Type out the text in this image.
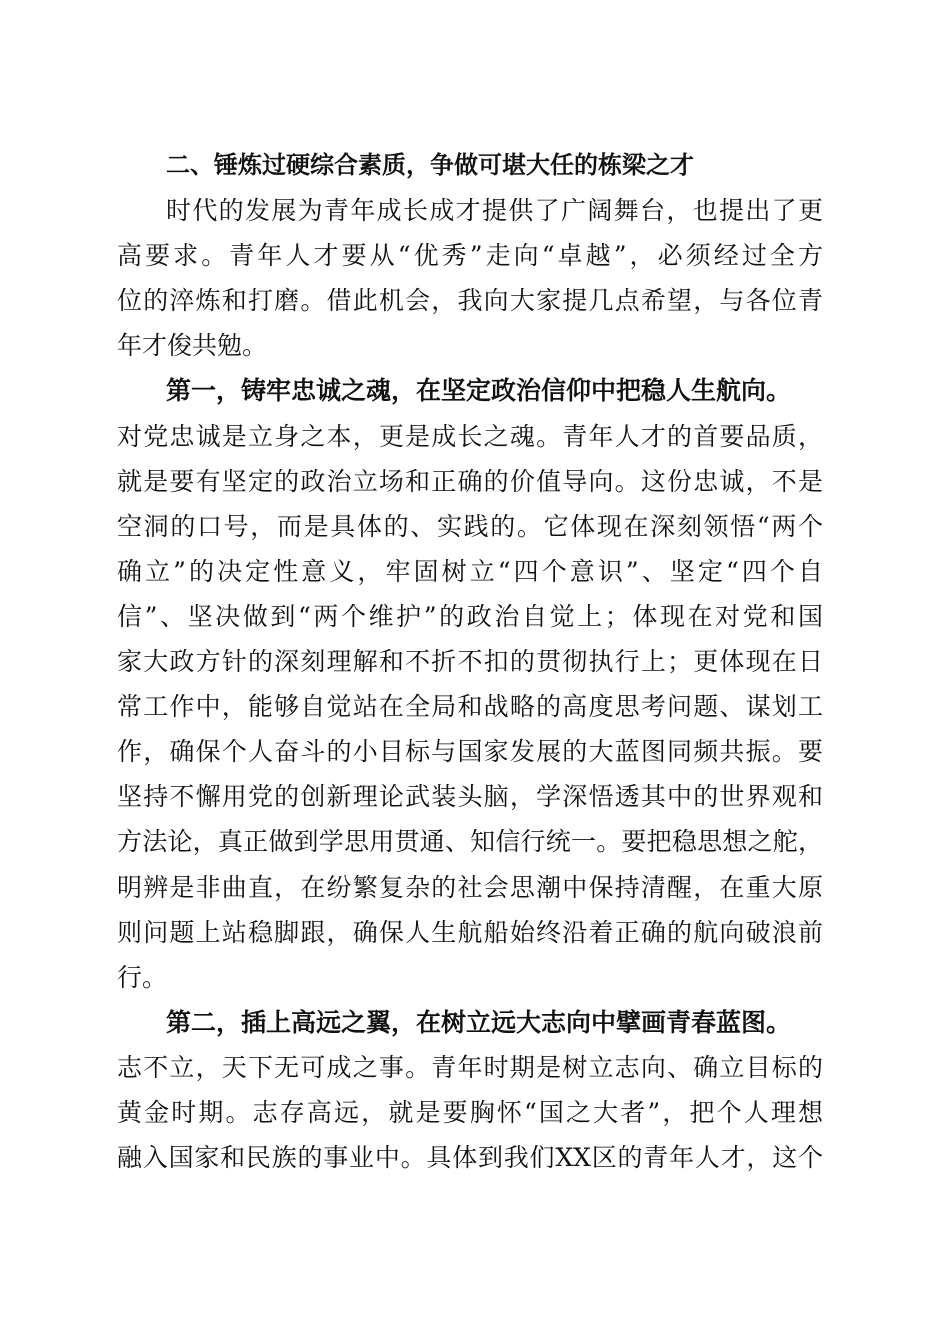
二、锤炼过硬综合素质，争做可堪大任的栋梁之才
时代的发展为青年成长成才提供了广阔舞台，也提出了更
高要求。青年人才要从“优秀”走向“卓越”，必须经过全方
位的淬炼和打磨。借此机会，我向大家提几点希望，与各位青
年才俊共勉。
第一，铸牢忠诚之魂，在坚定政治信仰中把稳人生航向。
对党忠诚是立身之本，更是成长之魂。青年人才的首要品质，
就是要有坚定的政治立场和正确的价值导向。这份忠诚，不是
空洞的口号，而是具体的、实践的。它体现在深刻领悟“两个
确立”的决定性意义，牢固树立“四个意识”、坚定“四个自
信”、坚决做到“两个维护”的政治自觉上；体现在对党和国
家大政方针的深刻理解和不折不扣的贯彻执行上；更体现在日
常工作中，能够自觉站在全局和战略的高度思考问题、谋划工
作，确保个人奋斗的小目标与国家发展的大蓝图同频共振。要
坚持不懈用党的创新理论武装头脑，学深悟透其中的世界观和
方法论，真正做到学思用贯通、知信行统一。要把稳思想之舵，
明辨是非曲直，在纷繁复杂的社会思潮中保持清醒，在重大原
则问题上站稳脚跟，确保人生航船始终沿着正确的航向破浪前
行。
第二，插上高远之翼，在树立远大志向中擘画青春蓝图。
志不立，天下无可成之事。青年时期是树立志向、确立目标的
黄金时期。志存高远，就是要胸怀“国之大者”，把个人理想
融入国家和民族的事业中。具体到我们XX区的青年人才，这个
